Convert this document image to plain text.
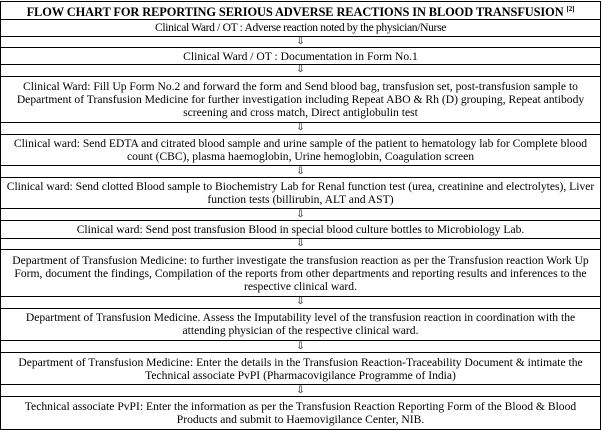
FLOW CHART FOR REPORTING SERIOUS ADVERSE REACTIONS IN BLOOD TRANSFUSION [2]
Clinical Ward / OT : Adverse reaction noted by the physician/Nurse
⇩
Clinical Ward / OT : Documentation in Form No.1
⇩
Clinical Ward: Fill Up Form No.2 and forward the form and Send blood bag, transfusion set, post-transfusion sample to Department of Transfusion Medicine for further investigation including Repeat ABO & Rh (D) grouping, Repeat antibody screening and cross match, Direct antiglobulin test
⇩
Clinical ward: Send EDTA and citrated blood sample and urine sample of the patient to hematology lab for Complete blood count (CBC), plasma haemoglobin, Urine hemoglobin, Coagulation screen
⇩
Clinical ward: Send clotted Blood sample to Biochemistry Lab for Renal function test (urea, creatinine and electrolytes), Liver function tests (billirubin, ALT and AST)
⇩
Clinical ward: Send post transfusion Blood in special blood culture bottles to Microbiology Lab.
⇩
Department of Transfusion Medicine: to further investigate the transfusion reaction as per the Transfusion reaction Work Up Form, document the findings, Compilation of the reports from other departments and reporting results and inferences to the respective clinical ward.
⇩
Department of Transfusion Medicine. Assess the Imputability level of the transfusion reaction in coordination with the attending physician of the respective clinical ward.
⇩
Department of Transfusion Medicine: Enter the details in the Transfusion Reaction-Traceability Document & intimate the Technical associate PvPI (Pharmacovigilance Programme of India)
⇩
Technical associate PvPI: Enter the information as per the Transfusion Reaction Reporting Form of the Blood & Blood Products and submit to Haemovigilance Center, NIB.
